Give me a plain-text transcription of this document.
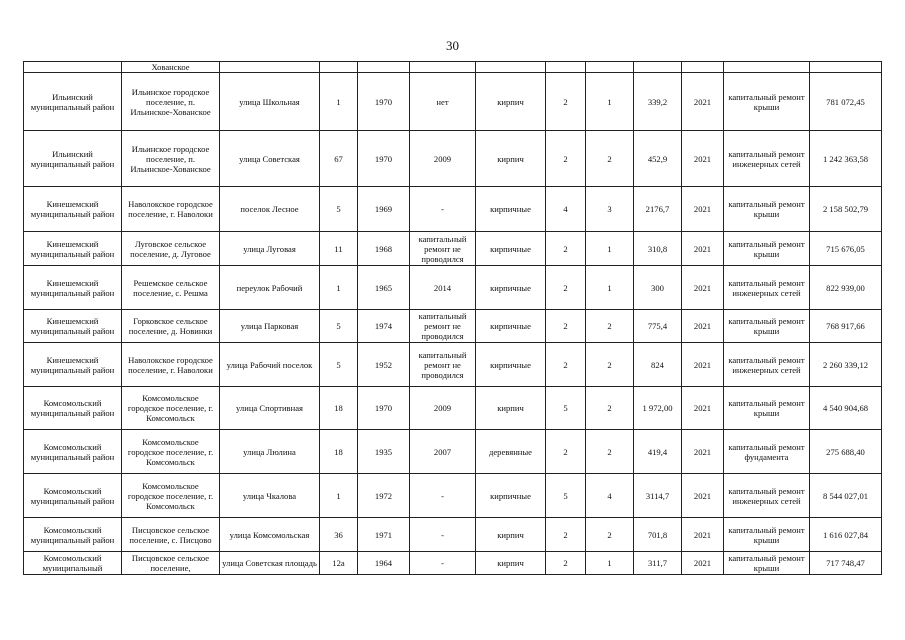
30
	Хованское											
Ильинский муниципальный район	Ильинское городское поселение, п. Ильинское-Хованское	улица Школьная	1	1970	нет	кирпич	2	1	339,2	2021	капитальный ремонт крыши	781 072,45
Ильинский муниципальный район	Ильинское городское поселение, п. Ильинское-Хованское	улица Советская	67	1970	2009	кирпич	2	2	452,9	2021	капитальный ремонт инженерных сетей	1 242 363,58
Кинешемский муниципальный район	Наволокское городское поселение, г. Наволоки	поселок Лесное	5	1969	-	кирпичные	4	3	2176,7	2021	капитальный ремонт крыши	2 158 502,79
Кинешемский муниципальный район	Луговское сельское поселение, д. Луговое	улица Луговая	11	1968	капитальный ремонт не проводился	кирпичные	2	1	310,8	2021	капитальный ремонт крыши	715 676,05
Кинешемский муниципальный район	Решемское сельское поселение, с. Решма	переулок Рабочий	1	1965	2014	кирпичные	2	1	300	2021	капитальный ремонт инженерных сетей	822 939,00
Кинешемский муниципальный район	Горковское сельское поселение, д. Новинки	улица Парковая	5	1974	капитальный ремонт не проводился	кирпичные	2	2	775,4	2021	капитальный ремонт крыши	768 917,66
Кинешемский муниципальный район	Наволокское городское поселение, г. Наволоки	улица Рабочий поселок	5	1952	капитальный ремонт не проводился	кирпичные	2	2	824	2021	капитальный ремонт инженерных сетей	2 260 339,12
Комсомольский муниципальный район	Комсомольское городское поселение, г. Комсомольск	улица Спортивная	18	1970	2009	кирпич	5	2	1 972,00	2021	капитальный ремонт крыши	4 540 904,68
Комсомольский муниципальный район	Комсомольское городское поселение, г. Комсомольск	улица Люлина	18	1935	2007	деревянные	2	2	419,4	2021	капитальный ремонт фундамента	275 688,40
Комсомольский муниципальный район	Комсомольское городское поселение, г. Комсомольск	улица Чкалова	1	1972	-	кирпичные	5	4	3114,7	2021	капитальный ремонт инженерных сетей	8 544 027,01
Комсомольский муниципальный район	Писцовское сельское поселение, с. Писцово	улица Комсомольская	36	1971	-	кирпич	2	2	701,8	2021	капитальный ремонт крыши	1 616 027,84
Комсомольский муниципальный	Писцовское сельское поселение,	улица Советская площадь	12а	1964	-	кирпич	2	1	311,7	2021	капитальный ремонт крыши	717 748,47
